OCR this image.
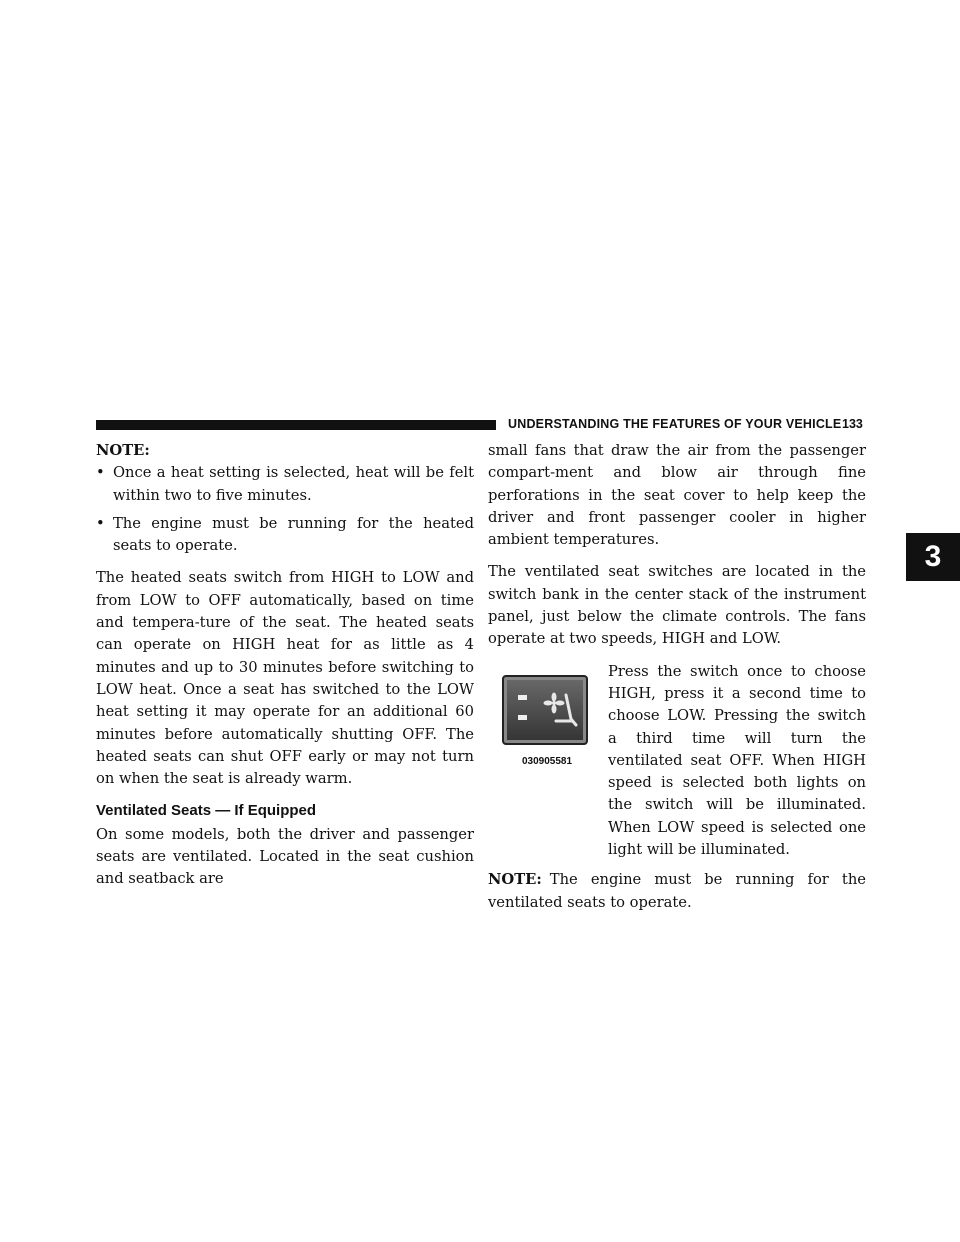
UNDERSTANDING THE FEATURES OF YOUR VEHICLE 133
3
NOTE:
• Once a heat setting is selected, heat will be felt within two to five minutes.
• The engine must be running for the heated seats to operate.

The heated seats switch from HIGH to LOW and from LOW to OFF automatically, based on time and tempera-ture of the seat. The heated seats can operate on HIGH heat for as little as 4 minutes and up to 30 minutes before switching to LOW heat. Once a seat has switched to the LOW heat setting it may operate for an additional 60 minutes before automatically shutting OFF. The heated seats can shut OFF early or may not turn on when the seat is already warm.

Ventilated Seats — If Equipped

On some models, both the driver and passenger seats are ventilated. Located in the seat cushion and seatback are

small fans that draw the air from the passenger compart-ment and blow air through fine perforations in the seat cover to help keep the driver and front passenger cooler in higher ambient temperatures.

The ventilated seat switches are located in the switch bank in the center stack of the instrument panel, just below the climate controls. The fans operate at two speeds, HIGH and LOW.

030905581
Press the switch once to choose HIGH, press it a second time to choose LOW. Pressing the switch a third time will turn the ventilated seat OFF. When HIGH speed is selected both lights on the switch will be illuminated. When LOW speed is selected one light will be illuminated.
NOTE: The engine must be running for the ventilated seats to operate.
